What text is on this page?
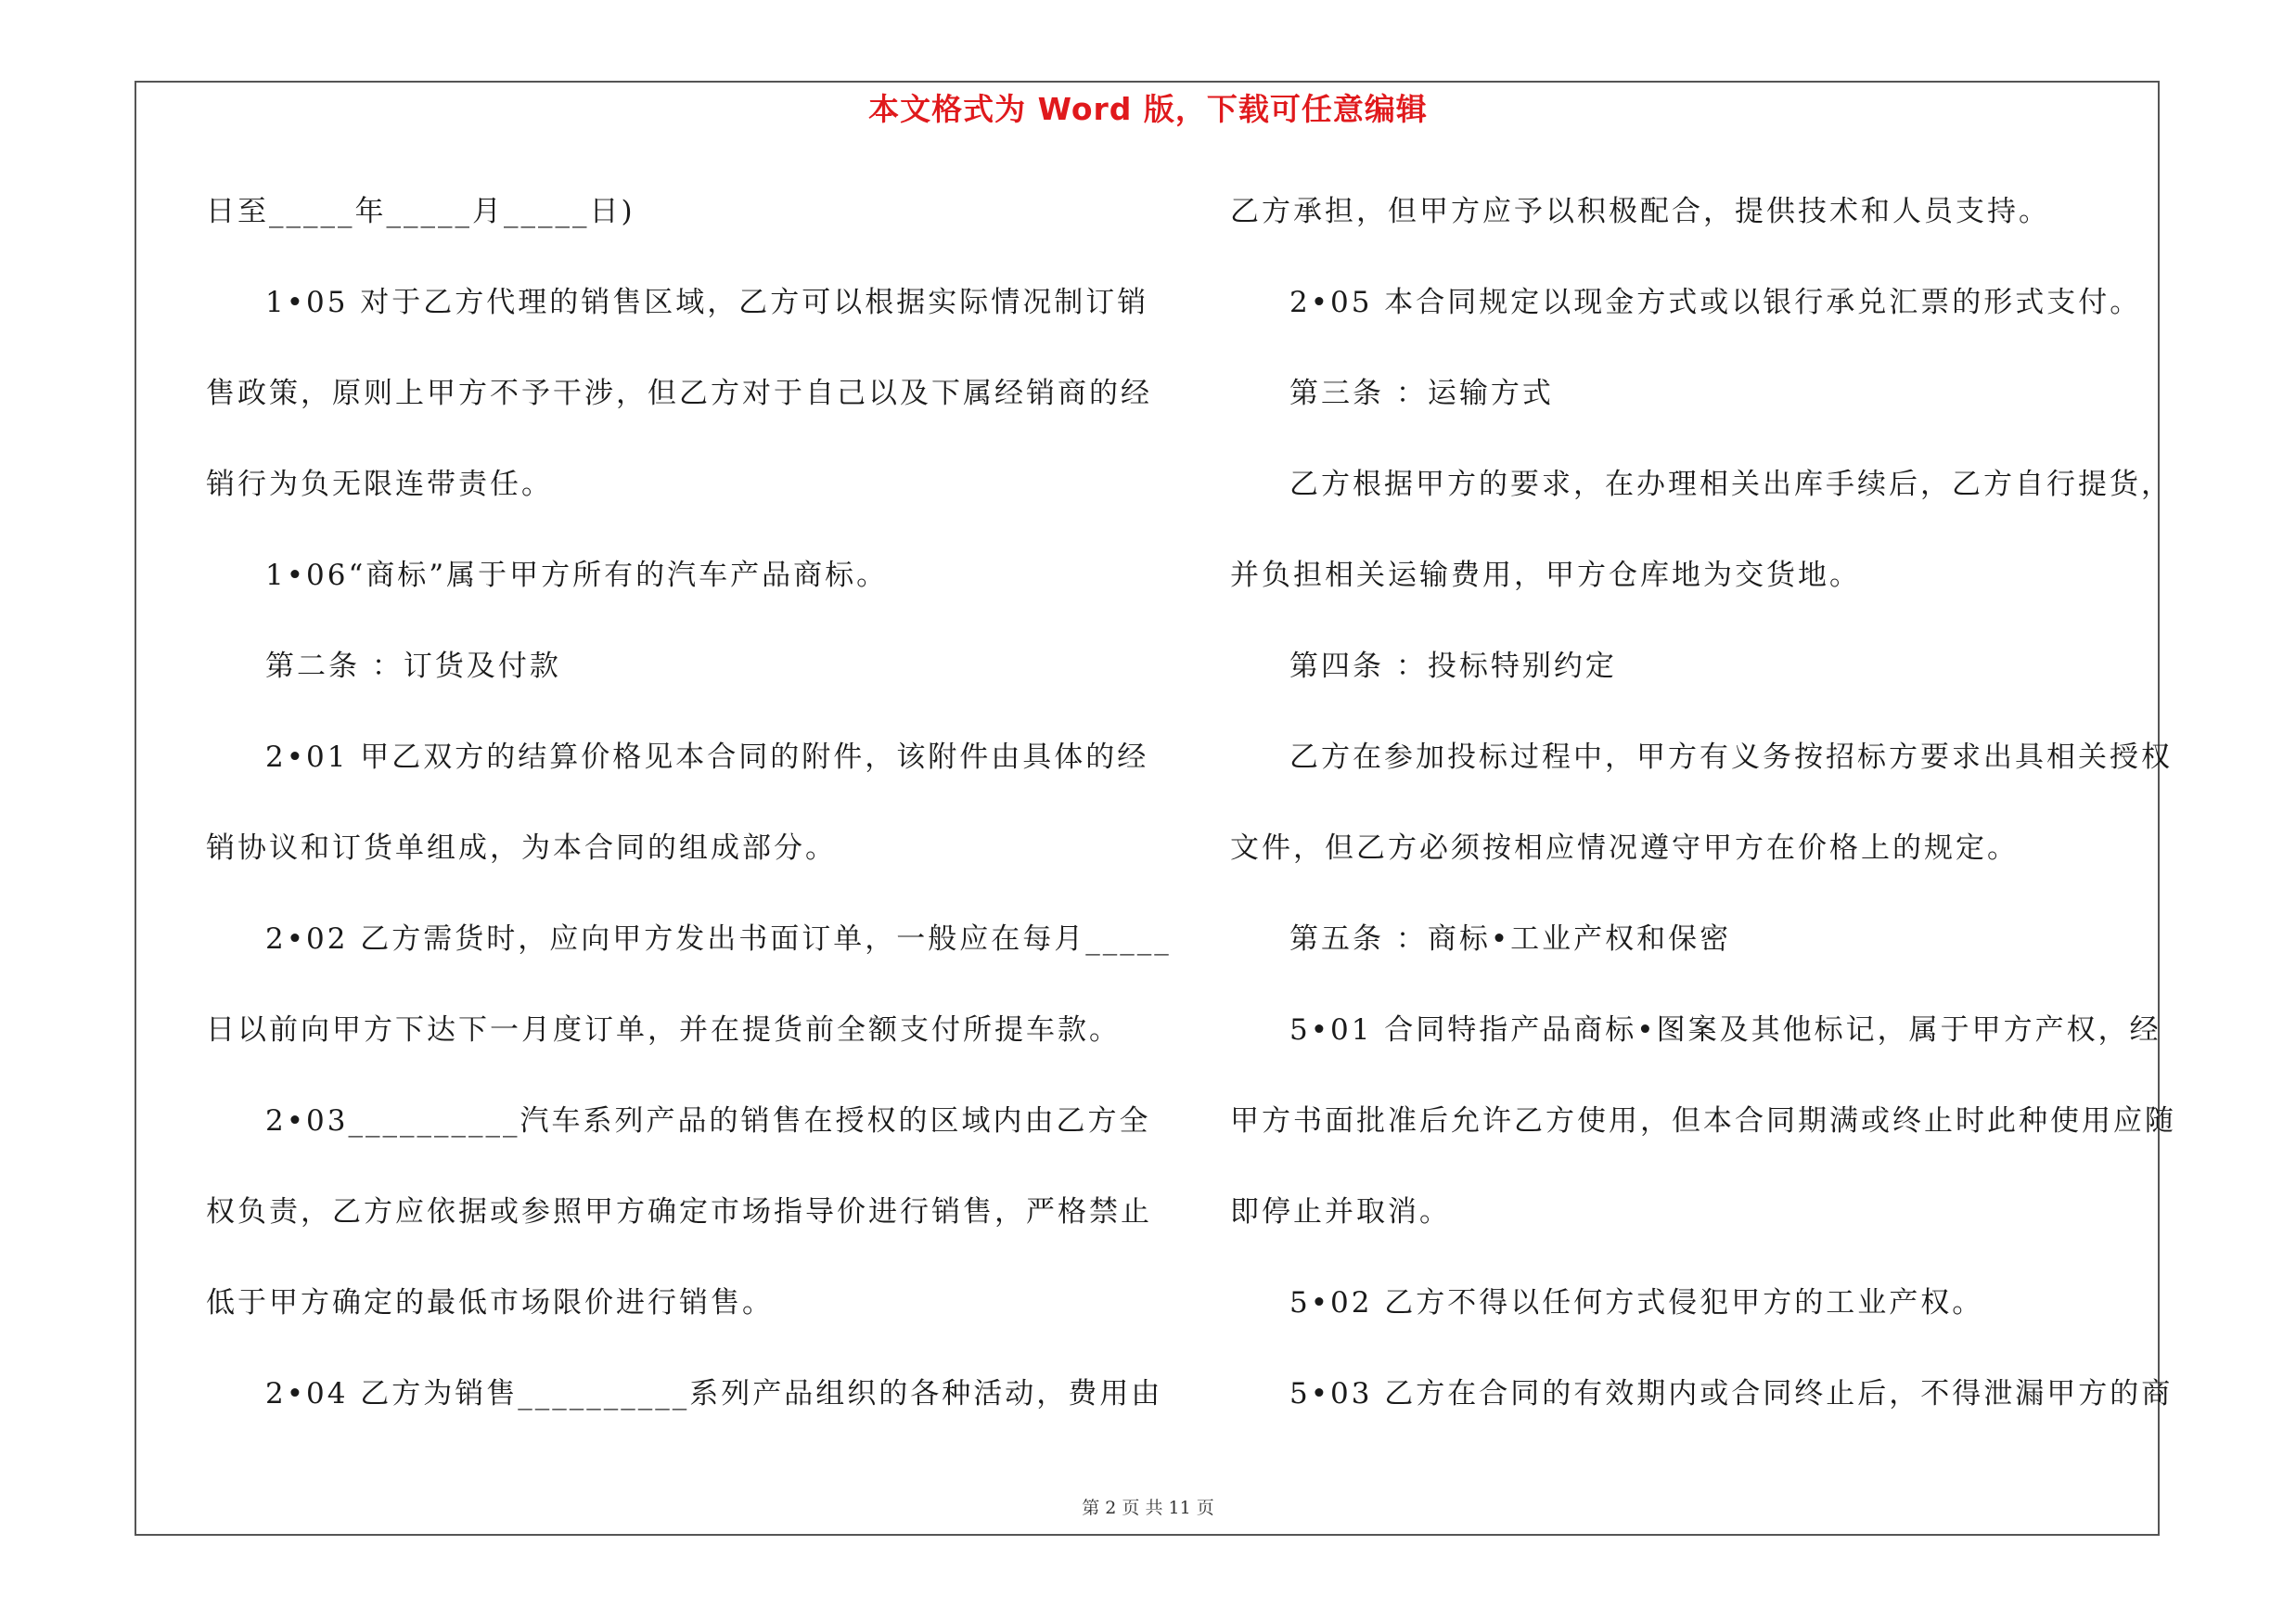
本文格式为 Word 版，下载可任意编辑
日至_____年_____月_____日)
1•05 对于乙方代理的销售区域，乙方可以根据实际情况制订销
售政策，原则上甲方不予干涉，但乙方对于自己以及下属经销商的经
销行为负无限连带责任。
1•06“商标”属于甲方所有的汽车产品商标。
第二条 ：订货及付款
2•01 甲乙双方的结算价格见本合同的附件，该附件由具体的经
销协议和订货单组成，为本合同的组成部分。
2•02 乙方需货时，应向甲方发出书面订单，一般应在每月_____
日以前向甲方下达下一月度订单，并在提货前全额支付所提车款。
2•03__________汽车系列产品的销售在授权的区域内由乙方全
权负责，乙方应依据或参照甲方确定市场指导价进行销售，严格禁止
低于甲方确定的最低市场限价进行销售。
2•04 乙方为销售__________系列产品组织的各种活动，费用由
乙方承担，但甲方应予以积极配合，提供技术和人员支持。
2•05 本合同规定以现金方式或以银行承兑汇票的形式支付。
第三条 ：运输方式
乙方根据甲方的要求，在办理相关出库手续后，乙方自行提货，
并负担相关运输费用，甲方仓库地为交货地。
第四条 ：投标特别约定
乙方在参加投标过程中，甲方有义务按招标方要求出具相关授权
文件，但乙方必须按相应情况遵守甲方在价格上的规定。
第五条 ：商标•工业产权和保密
5•01 合同特指产品商标•图案及其他标记，属于甲方产权，经
甲方书面批准后允许乙方使用，但本合同期满或终止时此种使用应随
即停止并取消。
5•02 乙方不得以任何方式侵犯甲方的工业产权。
5•03 乙方在合同的有效期内或合同终止后，不得泄漏甲方的商
第 2 页 共 11 页
